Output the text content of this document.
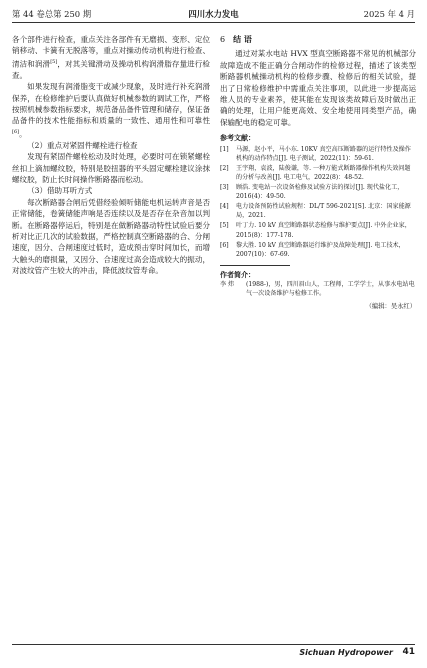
第 44 卷总第 250 期	四川水力发电	2025 年 4 月

各个部件进行检查，重点关注各部件有无磨损、变形、定位销移动、卡簧有无脱落等，重点对操动传动机构进行检查、清洁和润滑[5]，对其关键滑动及操动机构润滑脂存量进行检查。

如果发现有润滑脂变干或减少现象，及时进行补充润滑保养，在检修维护后要认真做好机械参数的调试工作，严格按照机械参数指标要求，规范备品备件管理和储存，保证备品备件的技术性能指标和质量的一致性、通用性和可靠性[6]。

（2）重点对紧固件螺栓进行检查

发现有紧固件螺栓松动及时处理，必要时可在锁紧螺栓丝扣上滴加螺纹胶，特别是胶扭器的平头固定螺栓建议涂抹螺纹胶，防止长时间操作断路器而松动。

（3）借助耳听方式

每次断路器合闸后凭借经验倾听储能电机运转声音是否正常储能，卷簧储能声响是否连续以及是否存在杂音加以判断。在断路器停运后，特别是在做断路器动特性试验后要分析对比正几次的试验数据，严格控制真空断路器的合、分闸速度，因分、合闸速度过低时，造成预击穿时间加长，而增大触头的磨损量，又因分、合速度过高会造成较大的振动，对波纹管产生较大的冲击，降低波纹管寿命。

6 结 语

通过对某水电站 HVX 型真空断路器不常见的机械部分故障造成不能正确分合闸动作的检修过程，描述了该类型断路器机械操动机构的检修步骤、检修后的相关试验，提出了日常检修维护中需重点关注事项，以此进一步提高运维人员的专业素养，使其能在发现该类故障后及时做出正确的处理，让用户能更高效、安全地使用同类型产品，确保输配电的稳定可靠。

参考文献：
[1]	马源，赵小平，马小东. 10KV 真空高压断路器的运行特性及操作机构的动作特点[J]. 电子测试，2022(11)：59-61.
[2]	王宇翔，袁波，陆俊谦，等. 一种万能式断路器操作机构失效问题的分析与改善[J]. 电工电气，2022(8)：48-52.
[3]	顾浩. 变电站一次设备检修及试验方法的探讨[J]. 现代盐化工，2016(4)：49-50.
[4]	电力设备预防性试验规程：DL/T 596-2021[S]. 北京：国家能源局，2021.
[5]	叶丁力. 10 kV 真空断路器状态检修与维护要点[J]. 中外企业家，2015(8)：177-178.
[6]	黎大胜. 10 kV 真空断路器运行维护及故障处理[J]. 电工技术，2007(10)：67-69.
作者简介：
李 炜	(1988-)，男，四川眉山人，工程师，工学学士，从事水电站电气一次设备维护与检修工作。
（编辑：吴永红）
Sichuan Hydropower 41
